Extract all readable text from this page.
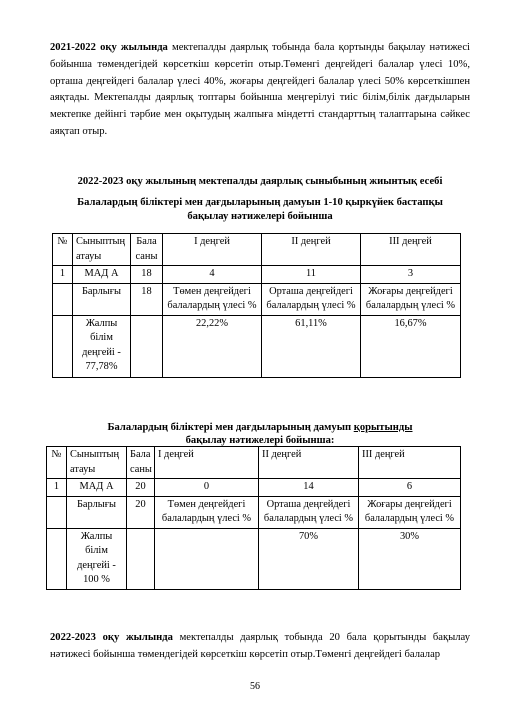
2021-2022 оқу жылында мектепалды даярлық тобында бала қортынды бақылау нәтижесі бойынша төмендегідей көрсеткіш көрсетіп отыр.Төменгі деңгейдегі балалар үлесі 10%, орташа деңгейдегі балалар үлесі 40%, жоғары деңгейдегі балалар үлесі 50% көрсеткішпен аяқтады. Мектепалды даярлық топтары бойынша меңгерілуі тиіс білім,білік дағдыларын мектепке дейінгі тәрбие мен оқытудың жалпыға міндетті стандарттың талаптарына сәйкес аяқтап отыр.

2022-2023 оқу жылының мектепалды даярлық сыныбының жиынтық есебі

Балалардың біліктері мен дағдыларының дамуын 1-10 қыркүйек бастапқы

бақылау нәтижелері бойынша

№	Сыныптың атауы	Бала саны	І деңгей	ІІ деңгей	ІІІ деңгей
1	МАД А	18	4	11	3
	Барлығы	18	Төмен деңгейдегі балалардың үлесі %	Орташа деңгейдегі балалардың үлесі %	Жоғары деңгейдегі балалардың үлесі %
	Жалпы білім деңгейі - 77,78%		22,22%	61,11%	16,67%

Балалардың біліктері мен дағдыларының дамуып қорытынды

бақылау нәтижелері бойынша:

№	Сыныптың атауы	Бала саны	І деңгей	ІІ деңгей	ІІІ деңгей
1	МАД А	20	0	14	6
	Барлығы	20	Төмен деңгейдегі балалардың үлесі %	Орташа деңгейдегі балалардың үлесі %	Жоғары деңгейдегі балалардың үлесі %
	Жалпы білім деңгейі - 100 %			70%	30%

2022-2023 оқу жылында мектепалды даярлық тобында 20 бала қорытынды бақылау нәтижесі бойынша төмендегідей көрсеткіш көрсетіп отыр.Төменгі деңгейдегі балалар

56
